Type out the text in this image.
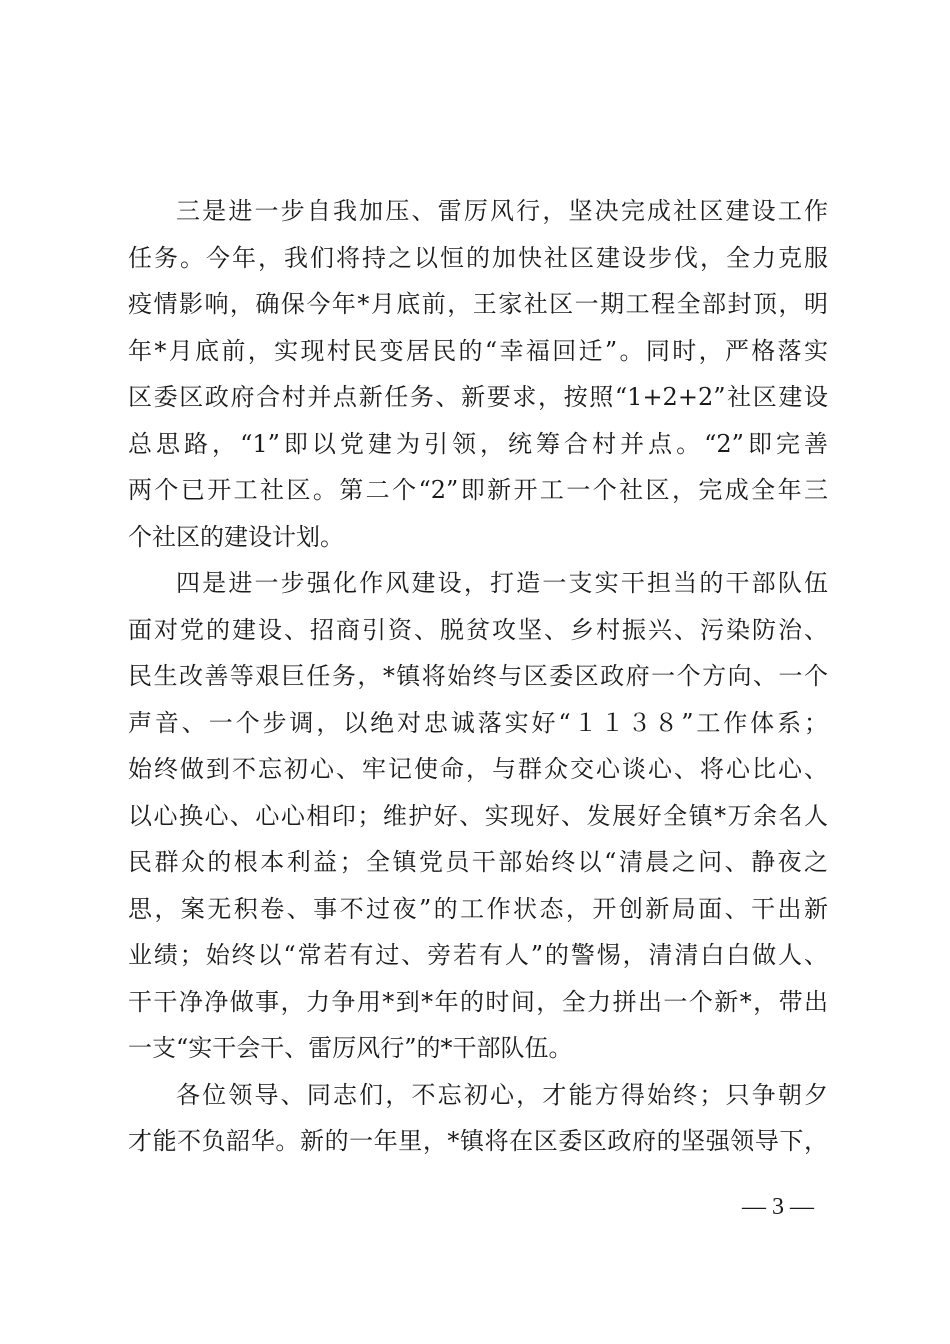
三是进一步自我加压、雷厉风行，坚决完成社区建设工作
任务。今年，我们将持之以恒的加快社区建设步伐，全力克服
疫情影响，确保今年*月底前，王家社区一期工程全部封顶，明
年*月底前，实现村民变居民的“幸福回迁”。同时，严格落实
区委区政府合村并点新任务、新要求，按照“1+2+2”社区建设
总思路，“1”即以党建为引领，统筹合村并点。“2”即完善
两个已开工社区。第二个“2”即新开工一个社区，完成全年三
个社区的建设计划。
四是进一步强化作风建设，打造一支实干担当的干部队伍
面对党的建设、招商引资、脱贫攻坚、乡村振兴、污染防治、
民生改善等艰巨任务，*镇将始终与区委区政府一个方向、一个
声音、一个步调，以绝对忠诚落实好“１１３８”工作体系；
始终做到不忘初心、牢记使命，与群众交心谈心、将心比心、
以心换心、心心相印；维护好、实现好、发展好全镇*万余名人
民群众的根本利益；全镇党员干部始终以“清晨之问、静夜之
思，案无积卷、事不过夜”的工作状态，开创新局面、干出新
业绩；始终以“常若有过、旁若有人”的警惕，清清白白做人、
干干净净做事，力争用*到*年的时间，全力拼出一个新*，带出
一支“实干会干、雷厉风行”的*干部队伍。
各位领导、同志们，不忘初心，才能方得始终；只争朝夕
才能不负韶华。新的一年里，*镇将在区委区政府的坚强领导下，
— 3 —
